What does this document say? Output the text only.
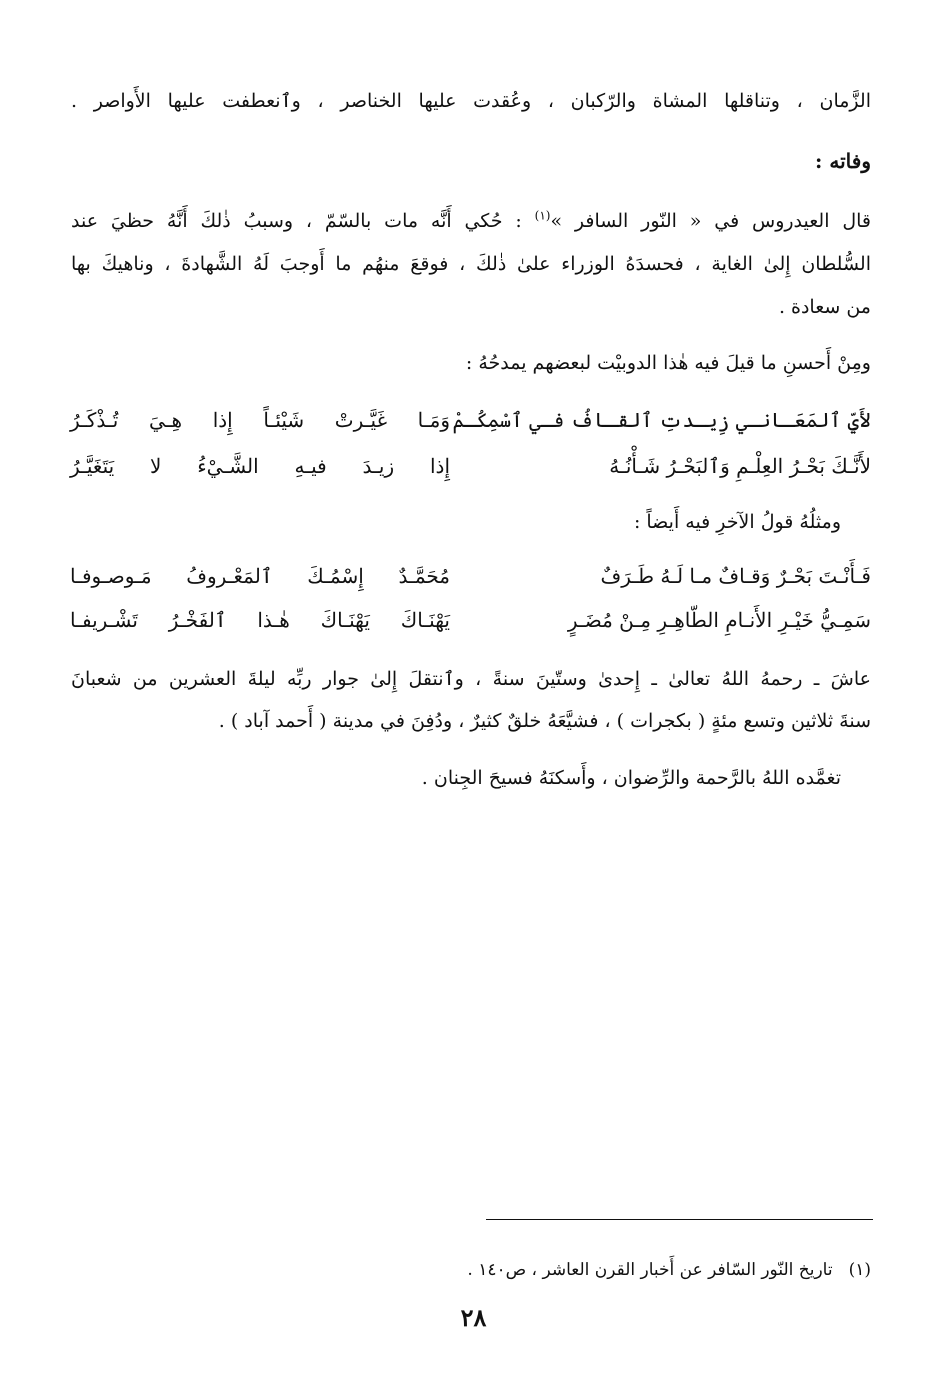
الزَّمان ، وتناقلها المشاة والرّكبان ، وعُقدت عليها الخناصر ، وٱنعطفت عليها الأَواصر .
وفاته :
قال العيدروس في « النّور السافر »$^{(١)}$ : حُكي أَنَّه مات بالسّمّ ، وسببُ ذٰلكَ أَنَّهُ حظيَ عند
السُّلطان إِلىٰ الغاية ، فحسدَهُ الوزراء علىٰ ذٰلكَ ، فوقعَ منهُم ما أَوجبَ لَهُ الشَّهادةَ ، وناهيكَ بها
من سعادة .
ومِنْ أَحسنِ ما قيلَ فيه هٰذا الدوبيْت لبعضهم يمدحُهُ :
لأَيِّ ٱلمَعَـانـي زِيـدتِ ٱلقـافُ فـي ٱسْمِكُـمْ
وَمَـا غَيَّـرتْ شَيْئـاً إِذا هِـيَ تُـذْكَـرُ
لأَنَّـكَ بَحْـرُ العِلْـمِ وَٱلبَحْـرُ شَـأْنُـهُ
إِذا زيـدَ فيـهِ الشَّـيْءُ لا يَتَغَيَّـرُ
ومثلُهُ قولُ الآخرِ فيه أَيضاً :
فَـأَنْـتَ بَحْـرٌ وَقـافٌ مـا لَـهُ طَـرَفٌ
مُحَمَّـدٌ إِسْمُـكَ ٱلمَعْـروفُ مَـوصـوفـا
سَمِـيُّ خَيْـرِ الأَنـامِ الطّاهِـرِ مِـنْ مُضَـرٍ
يَهْنَـاكَ يَهْنَـاكَ هٰـذا ٱلفَخْـرُ تَشْـريفـا
عاشَ ـ رحمهُ اللهُ تعالىٰ ـ إِحدىٰ وستّينَ سنةً ، وٱنتقلَ إِلىٰ جوار ربِّه ليلةَ العشرين من شعبانَ
سنةَ ثلاثين وتسع مئةٍ ( بكجرات ) ، فشيَّعَهُ خلقٌ كثيرٌ ، ودُفِنَ في مدينة ( أَحمد آباد ) .
تغمَّده اللهُ بالرَّحمة والرِّضوان ، وأَسكنَهُ فسيحَ الجِنان .
(١)تاريخ النّور السّافر عن أَخبار القرن العاشر ، ص١٤٠ .
٢٨
